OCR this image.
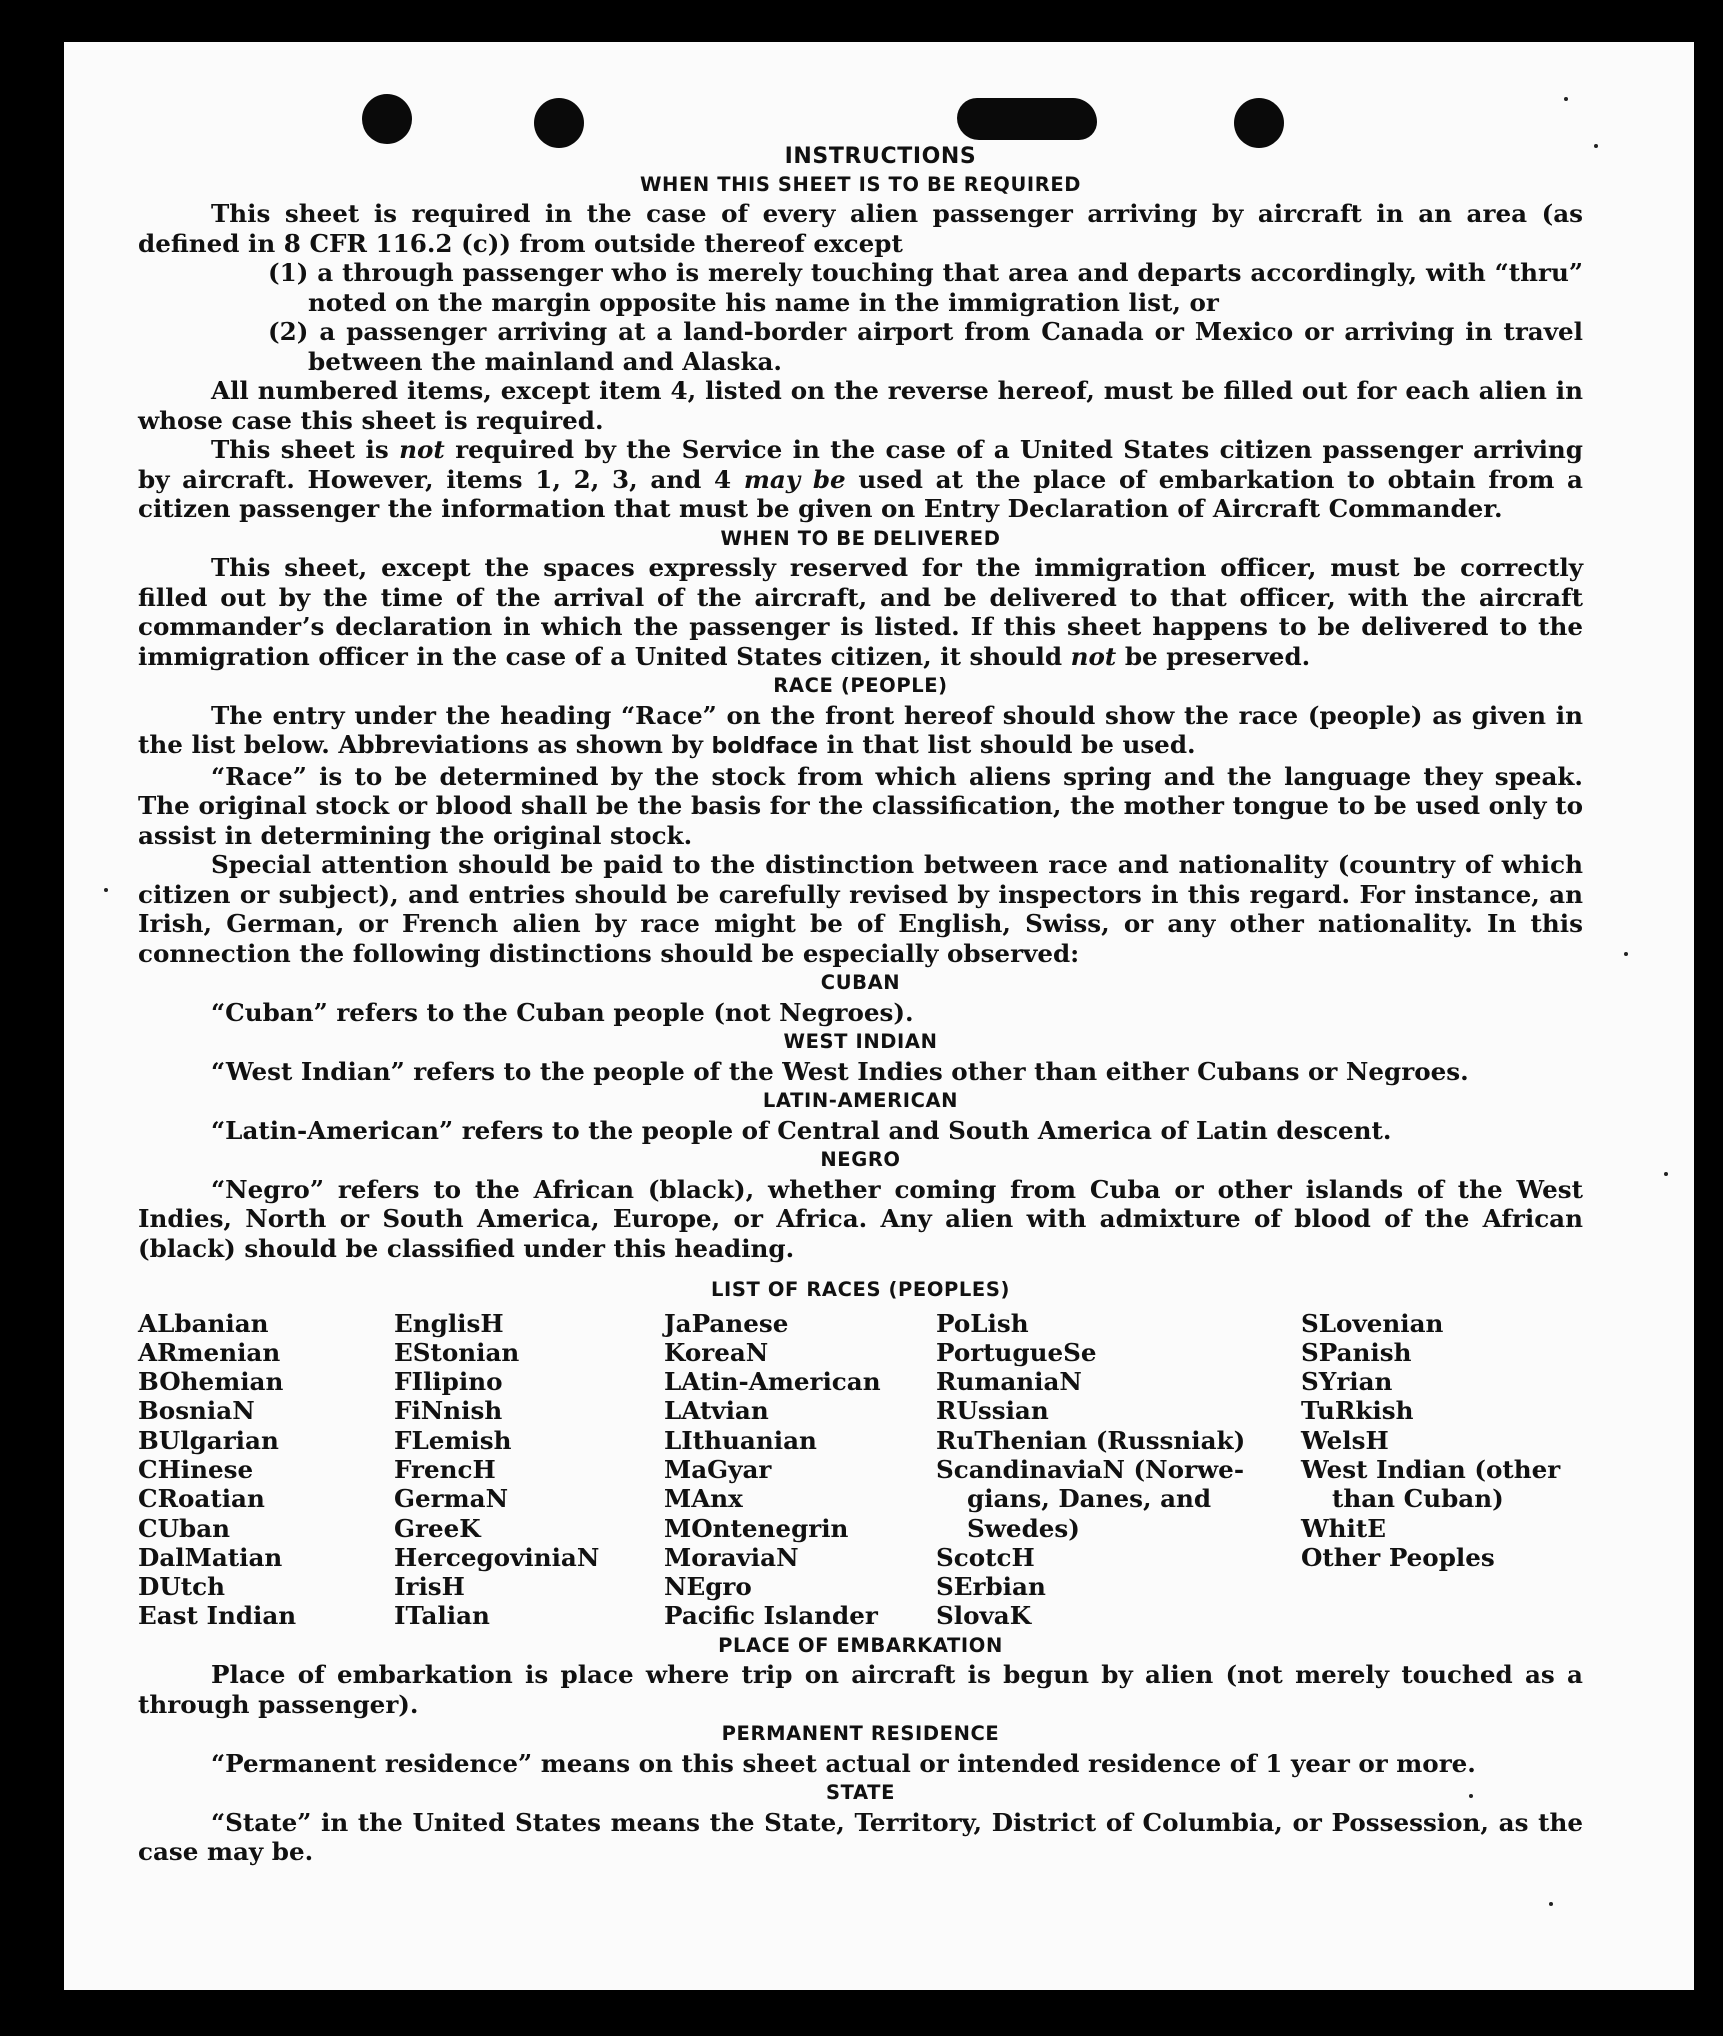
INSTRUCTIONS
WHEN THIS SHEET IS TO BE REQUIRED

This sheet is required in the case of every alien passenger arriving by aircraft in an area (as defined in 8 CFR 116.2 (c)) from outside thereof except

(1) a through passenger who is merely touching that area and departs accordingly, with “thru” noted on the margin opposite his name in the immigration list, or
(2) a passenger arriving at a land-border airport from Canada or Mexico or arriving in travel between the mainland and Alaska.

All numbered items, except item 4, listed on the reverse hereof, must be filled out for each alien in whose case this sheet is required.

This sheet is not required by the Service in the case of a United States citizen passenger arriving by aircraft. However, items 1, 2, 3, and 4 may be used at the place of embarkation to obtain from a citizen passenger the information that must be given on Entry Declaration of Aircraft Commander.

WHEN TO BE DELIVERED

This sheet, except the spaces expressly reserved for the immigration officer, must be correctly filled out by the time of the arrival of the aircraft, and be delivered to that officer, with the aircraft commander’s declaration in which the passenger is listed. If this sheet happens to be delivered to the immigration officer in the case of a United States citizen, it should not be preserved.

RACE (PEOPLE)

The entry under the heading “Race” on the front hereof should show the race (people) as given in the list below. Abbreviations as shown by boldface in that list should be used.

“Race” is to be determined by the stock from which aliens spring and the language they speak. The original stock or blood shall be the basis for the classification, the mother tongue to be used only to assist in determining the original stock.

Special attention should be paid to the distinction between race and nationality (country of which citizen or subject), and entries should be carefully revised by inspectors in this regard. For instance, an Irish, German, or French alien by race might be of English, Swiss, or any other nationality. In this connection the following distinctions should be especially observed:

CUBAN

“Cuban” refers to the Cuban people (not Negroes).

WEST INDIAN

“West Indian” refers to the people of the West Indies other than either Cubans or Negroes.

LATIN-AMERICAN

“Latin-American” refers to the people of Central and South America of Latin descent.

NEGRO

“Negro” refers to the African (black), whether coming from Cuba or other islands of the West Indies, North or South America, Europe, or Africa. Any alien with admixture of blood of the African (black) should be classified under this heading.

LIST OF RACES (PEOPLES)
ALbanian
ARmenian
BOhemian
BosniaN
BUlgarian
CHinese
CRoatian
CUban
DalMatian
DUtch
East Indian
EnglisH
EStonian
FIlipino
FiNnish
FLemish
FrencH
GermaN
GreeK
HercegovinіaN
IrisH
ITalian
JaPanese
KoreaN
LAtin-American
LAtvian
LIthuanian
MaGyar
MAnx
MOntenegrin
MoraviaN
NEgro
Pacific Islander
PoLish
PortugueSe
RumaniaN
RUssian
RuThenian (Russniak)
ScandinaviaN (Norwe-
gians, Danes, and
Swedes)
ScotcH
SErbian
SlovaK
SLovenian
SPanish
SYrian
TuRkish
WelsH
West Indian (other
than Cuban)
WhitE
Other Peoples
PLACE OF EMBARKATION

Place of embarkation is place where trip on aircraft is begun by alien (not merely touched as a through passenger).

PERMANENT RESIDENCE

“Permanent residence” means on this sheet actual or intended residence of 1 year or more.

STATE

“State” in the United States means the State, Territory, District of Columbia, or Possession, as the case may be.
